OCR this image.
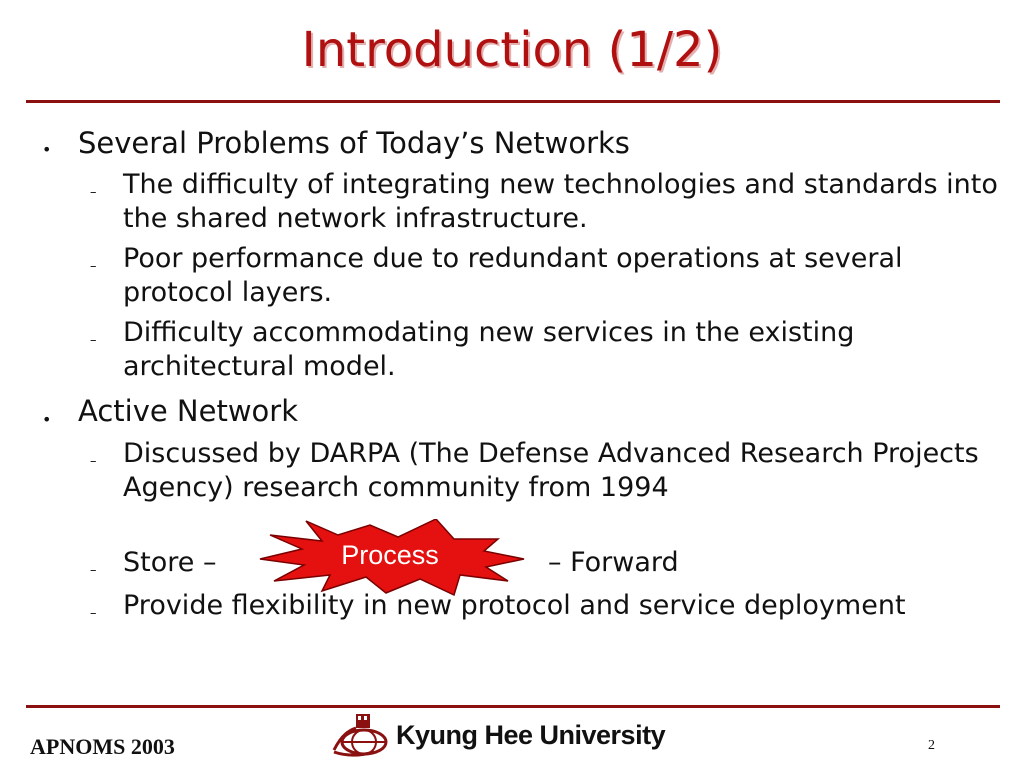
Introduction (1/2)
• Several Problems of Today’s Networks
– The difficulty of integrating new technologies and standards into the shared network infrastructure.
– Poor performance due to redundant operations at several protocol layers.
– Difficulty accommodating new services in the existing architectural model.
• Active Network
– Discussed by DARPA (The Defense Advanced Research Projects Agency) research community from 1994
– Store –	– Forward
– Provide flexibility in new protocol and service deployment
Process
APNOMS 2003	Kyung Hee University	2
